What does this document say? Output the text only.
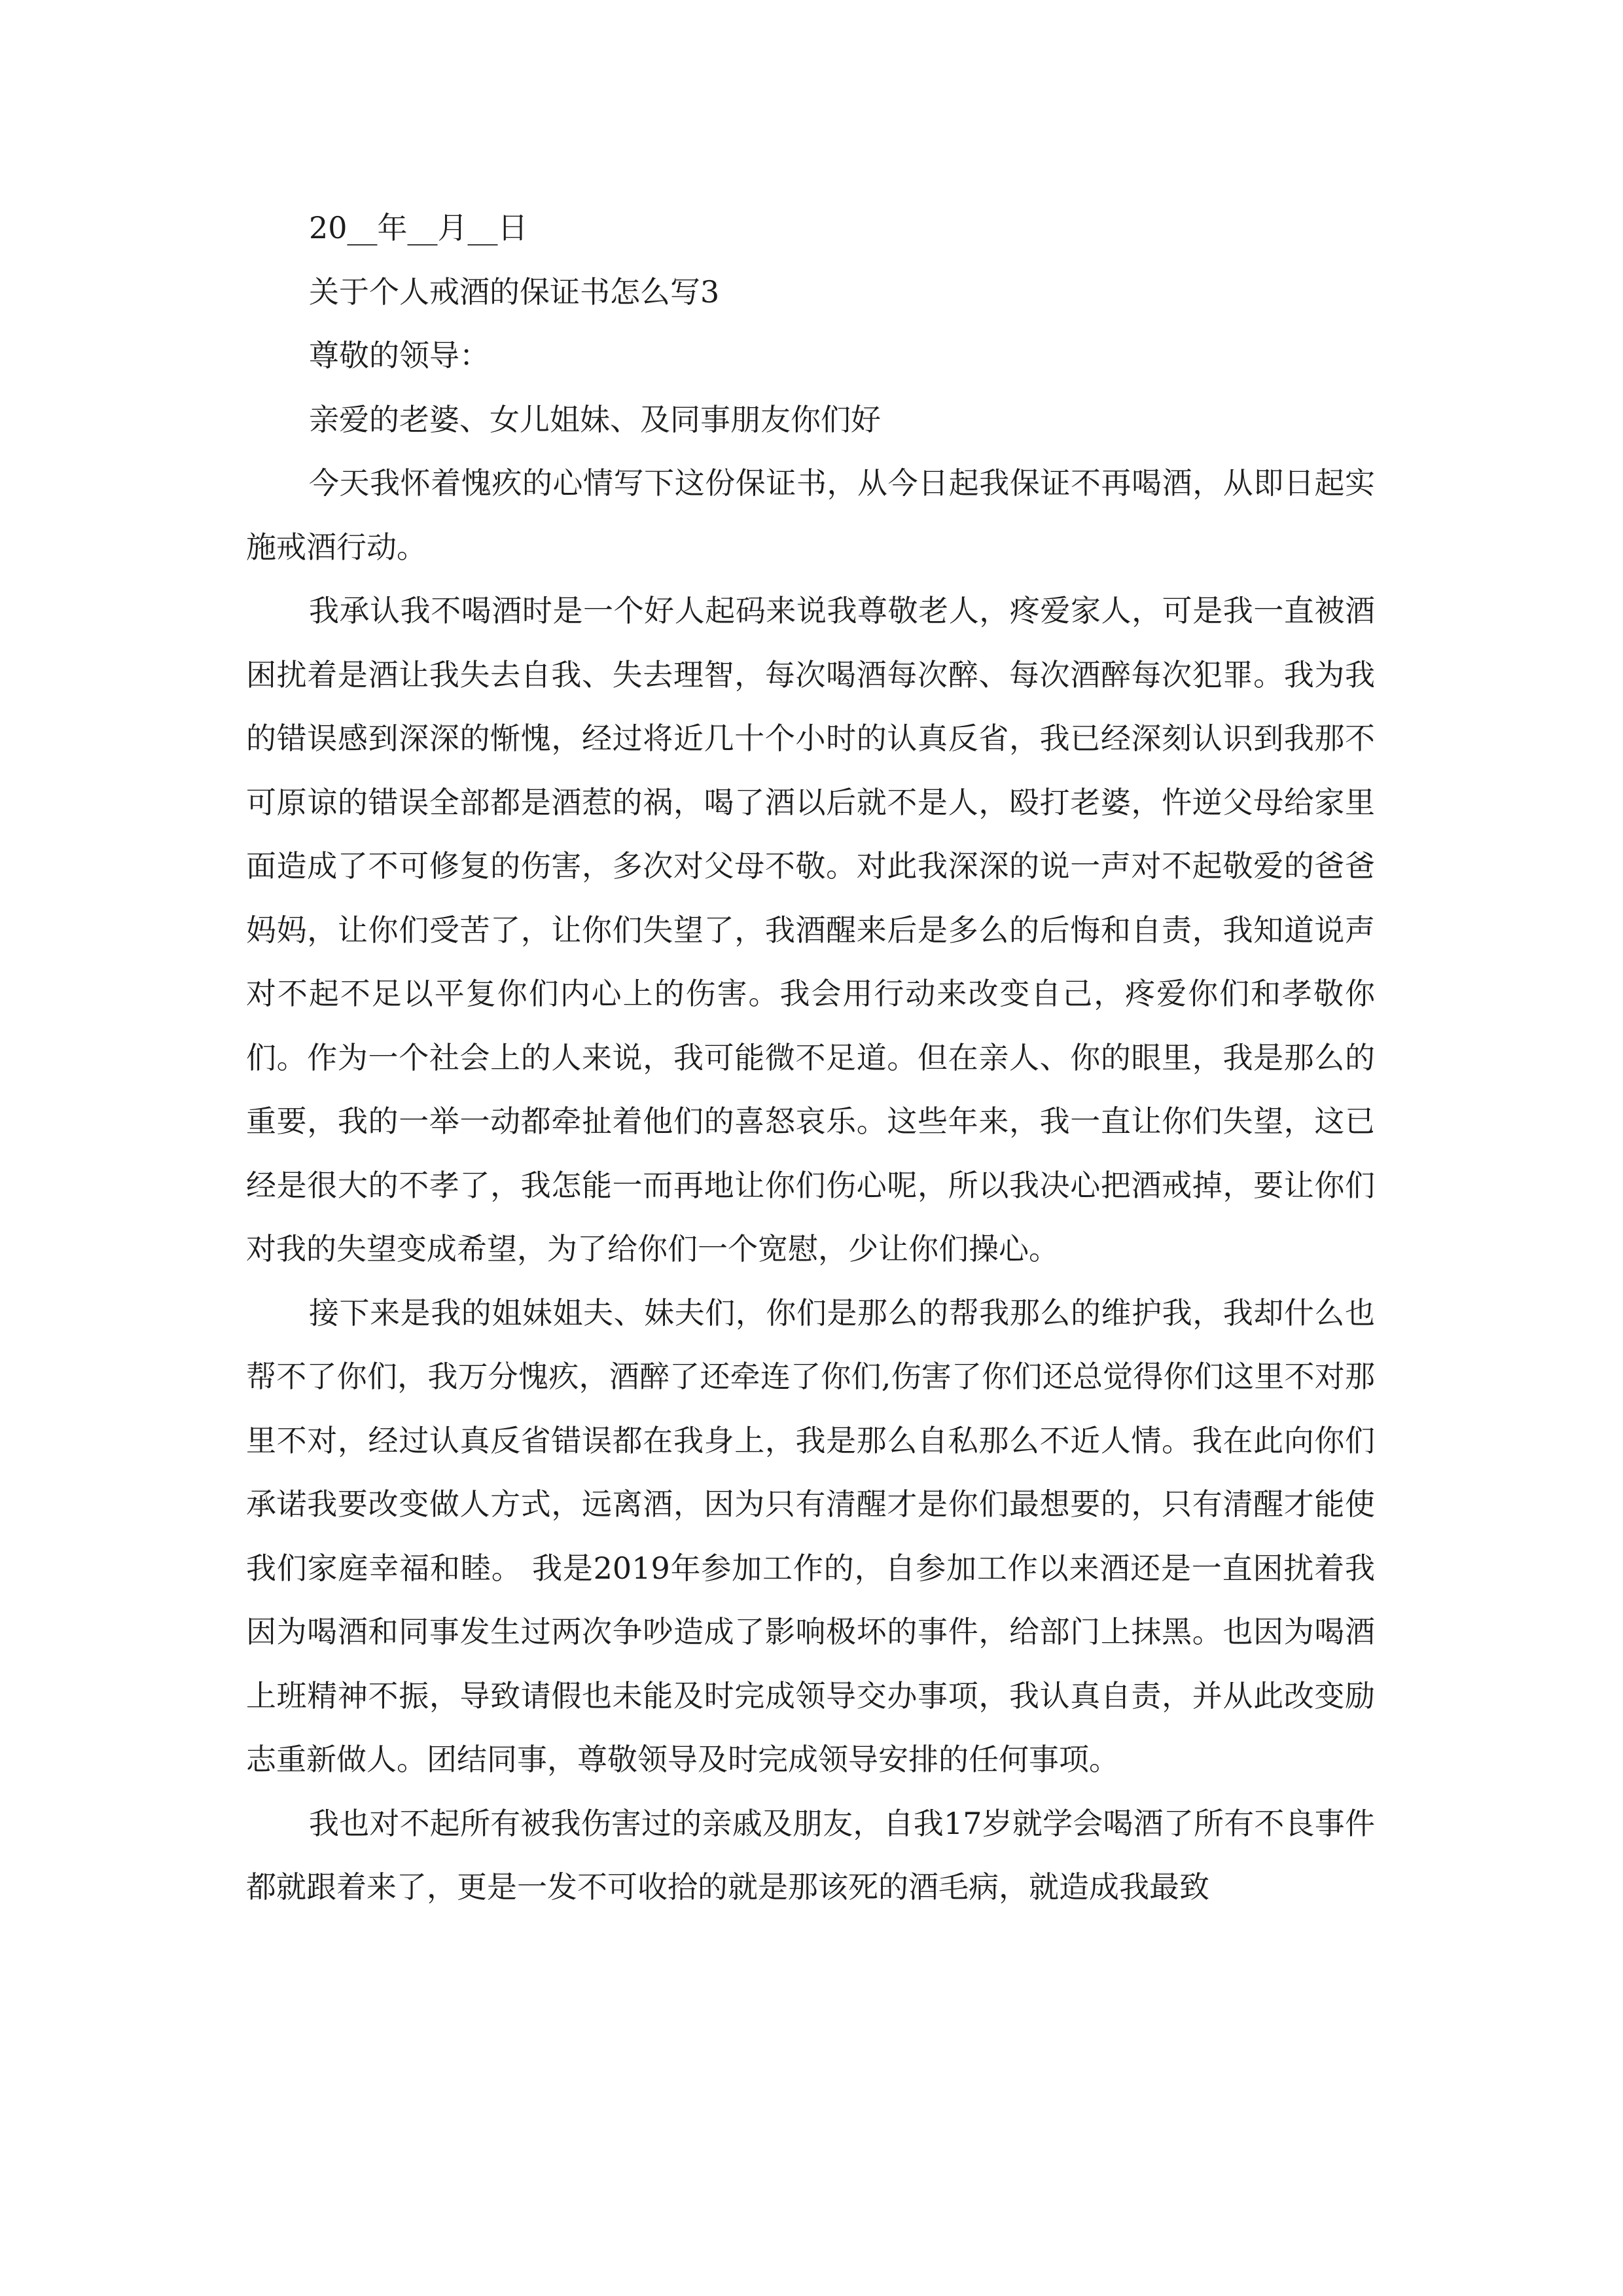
20__年__月__日

关于个人戒酒的保证书怎么写3

尊敬的领导：

亲爱的老婆、女儿姐妹、及同事朋友你们好

今天我怀着愧疚的心情写下这份保证书，从今日起我保证不再喝酒，从即日起实施戒酒行动。

我承认我不喝酒时是一个好人起码来说我尊敬老人，疼爱家人，可是我一直被酒困扰着是酒让我失去自我、失去理智，每次喝酒每次醉、每次酒醉每次犯罪。我为我的错误感到深深的惭愧，经过将近几十个小时的认真反省，我已经深刻认识到我那不可原谅的错误全部都是酒惹的祸，喝了酒以后就不是人，殴打老婆，忤逆父母给家里面造成了不可修复的伤害，多次对父母不敬。对此我深深的说一声对不起敬爱的爸爸妈妈，让你们受苦了，让你们失望了，我酒醒来后是多么的后悔和自责，我知道说声对不起不足以平复你们内心上的伤害。我会用行动来改变自己，疼爱你们和孝敬你们。作为一个社会上的人来说，我可能微不足道。但在亲人、你的眼里，我是那么的重要，我的一举一动都牵扯着他们的喜怒哀乐。这些年来，我一直让你们失望，这已经是很大的不孝了，我怎能一而再地让你们伤心呢，所以我决心把酒戒掉，要让你们对我的失望变成希望，为了给你们一个宽慰，少让你们操心。

接下来是我的姐妹姐夫、妹夫们，你们是那么的帮我那么的维护我，我却什么也帮不了你们，我万分愧疚，酒醉了还牵连了你们,伤害了你们还总觉得你们这里不对那里不对，经过认真反省错误都在我身上，我是那么自私那么不近人情。我在此向你们承诺我要改变做人方式，远离酒，因为只有清醒才是你们最想要的，只有清醒才能使我们家庭幸福和睦。 我是2019年参加工作的，自参加工作以来酒还是一直困扰着我因为喝酒和同事发生过两次争吵造成了影响极坏的事件，给部门上抹黑。也因为喝酒上班精神不振，导致请假也未能及时完成领导交办事项，我认真自责，并从此改变励志重新做人。团结同事，尊敬领导及时完成领导安排的任何事项。

我也对不起所有被我伤害过的亲戚及朋友，自我17岁就学会喝酒了所有不良事件都就跟着来了，更是一发不可收拾的就是那该死的酒毛病，就造成我最致
